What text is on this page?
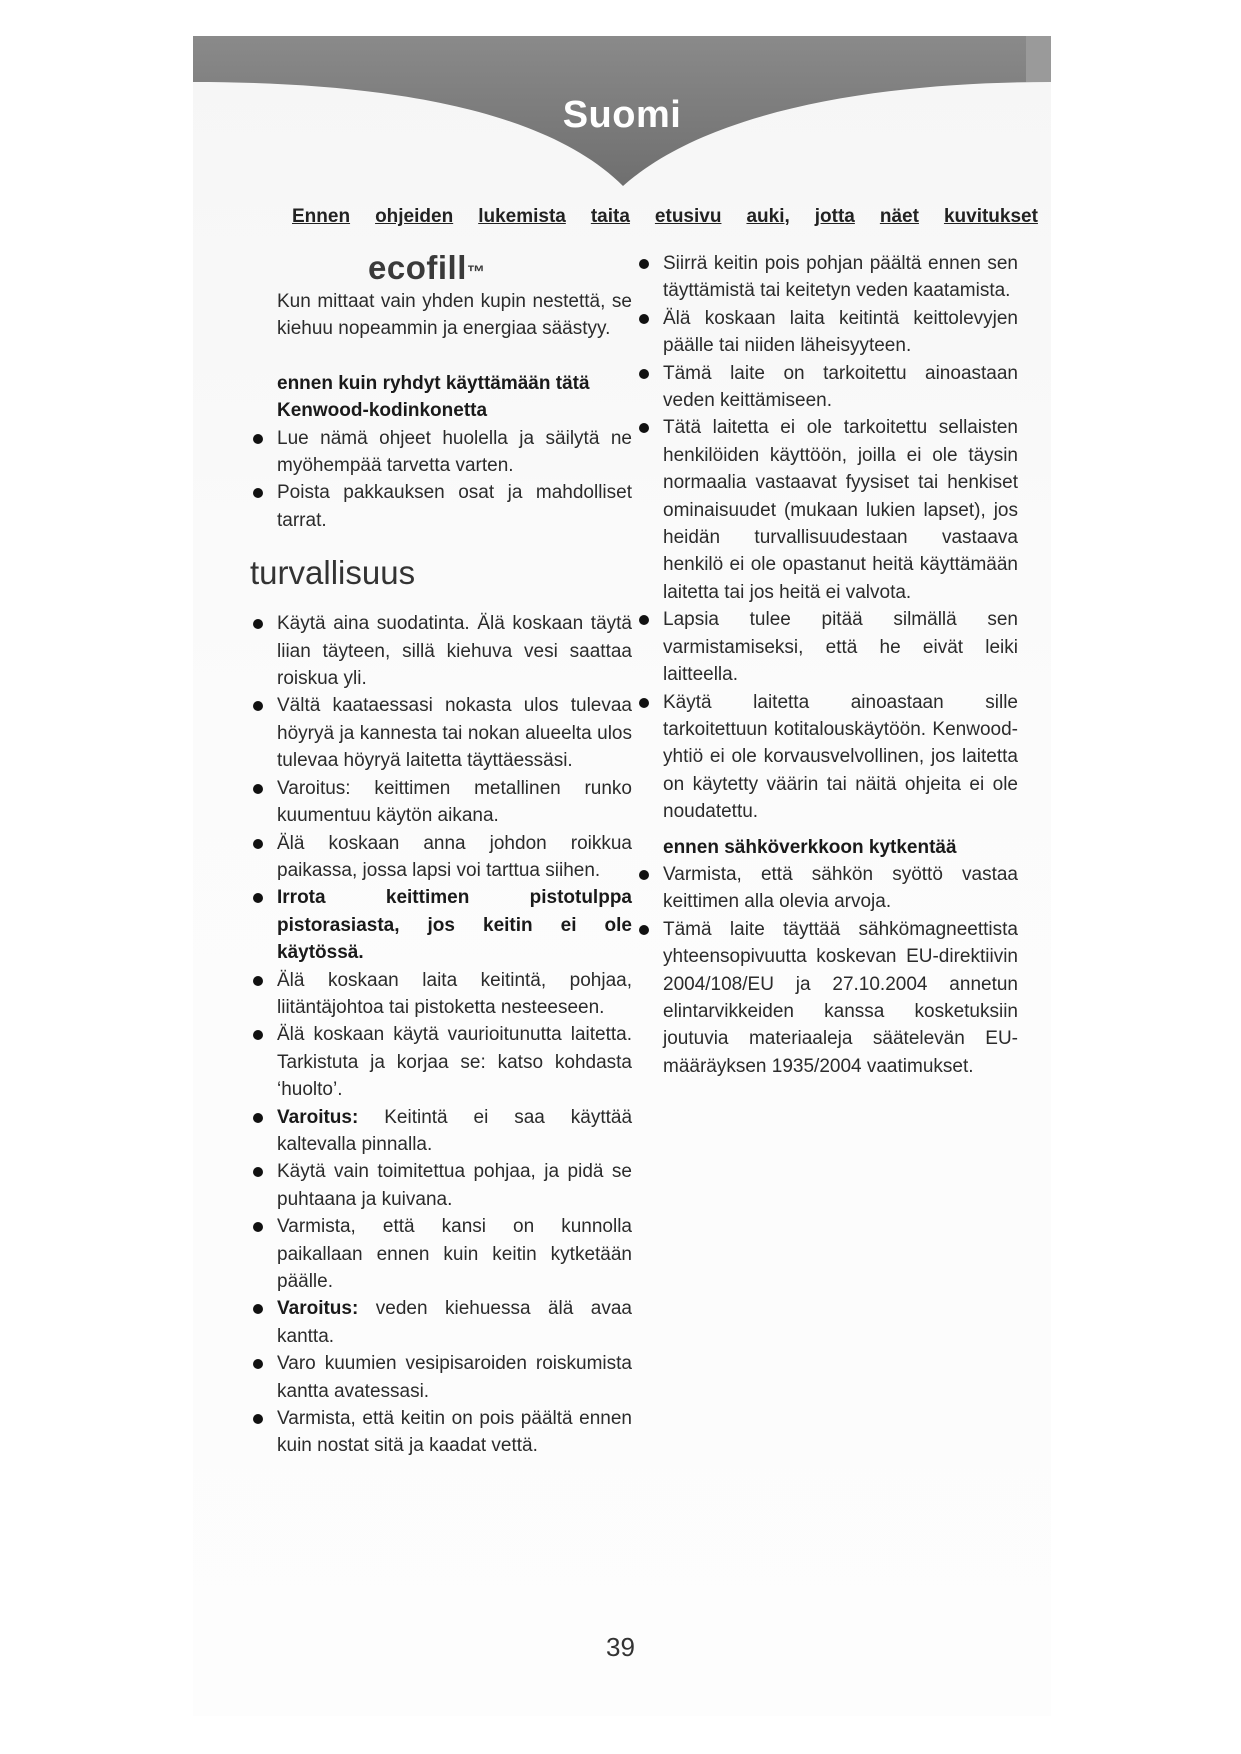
Suomi
Ennen ohjeiden lukemista taita etusivu auki, jotta näet kuvitukset
ecofill™

Kun mittaat vain yhden kupin nestettä, se kiehuu nopeammin ja energiaa säästyy.

ennen kuin ryhdyt käyttämään tätä Kenwood-kodinkonetta

Lue nämä ohjeet huolella ja säilytä ne myöhempää tarvetta varten.
Poista pakkauksen osat ja mahdolliset tarrat.
turvallisuus
Käytä aina suodatinta. Älä koskaan täytä liian täyteen, sillä kiehuva vesi saattaa roiskua yli.
Vältä kaataessasi nokasta ulos tulevaa höyryä ja kannesta tai nokan alueelta ulos tulevaa höyryä laitetta täyttäessäsi.
Varoitus: keittimen metallinen runko kuumentuu käytön aikana.
Älä koskaan anna johdon roikkua paikassa, jossa lapsi voi tarttua siihen.
Irrota keittimen pistotulppa pistorasiasta, jos keitin ei ole käytössä.
Älä koskaan laita keitintä, pohjaa, liitäntäjohtoa tai pistoketta nesteeseen.
Älä koskaan käytä vaurioitunutta laitetta. Tarkistuta ja korjaa se: katso kohdasta ‘huolto’.
Varoitus: Keitintä ei saa käyttää kaltevalla pinnalla.
Käytä vain toimitettua pohjaa, ja pidä se puhtaana ja kuivana.
Varmista, että kansi on kunnolla paikallaan ennen kuin keitin kytketään päälle.
Varoitus: veden kiehuessa älä avaa kantta.
Varo kuumien vesipisaroiden roiskumista kantta avatessasi.
Varmista, että keitin on pois päältä ennen kuin nostat sitä ja kaadat vettä.
Siirrä keitin pois pohjan päältä ennen sen täyttämistä tai keitetyn veden kaatamista.
Älä koskaan laita keitintä keittolevyjen päälle tai niiden läheisyyteen.
Tämä laite on tarkoitettu ainoastaan veden keittämiseen.
Tätä laitetta ei ole tarkoitettu sellaisten henkilöiden käyttöön, joilla ei ole täysin normaalia vastaavat fyysiset tai henkiset ominaisuudet (mukaan lukien lapset), jos heidän turvallisuudestaan vastaava henkilö ei ole opastanut heitä käyttämään laitetta tai jos heitä ei valvota.
Lapsia tulee pitää silmällä sen varmistamiseksi, että he eivät leiki laitteella.
Käytä laitetta ainoastaan sille tarkoitettuun kotitalouskäytöön. Kenwood-yhtiö ei ole korvausvelvollinen, jos laitetta on käytetty väärin tai näitä ohjeita ei ole noudatettu.

ennen sähköverkkoon kytkentää

Varmista, että sähkön syöttö vastaa keittimen alla olevia arvoja.
Tämä laite täyttää sähkömagneettista yhteensopivuutta koskevan EU-direktiivin 2004/108/EU ja 27.10.2004 annetun elintarvikkeiden kanssa kosketuksiin joutuvia materiaaleja säätelevän EU-määräyksen 1935/2004 vaatimukset.
39
